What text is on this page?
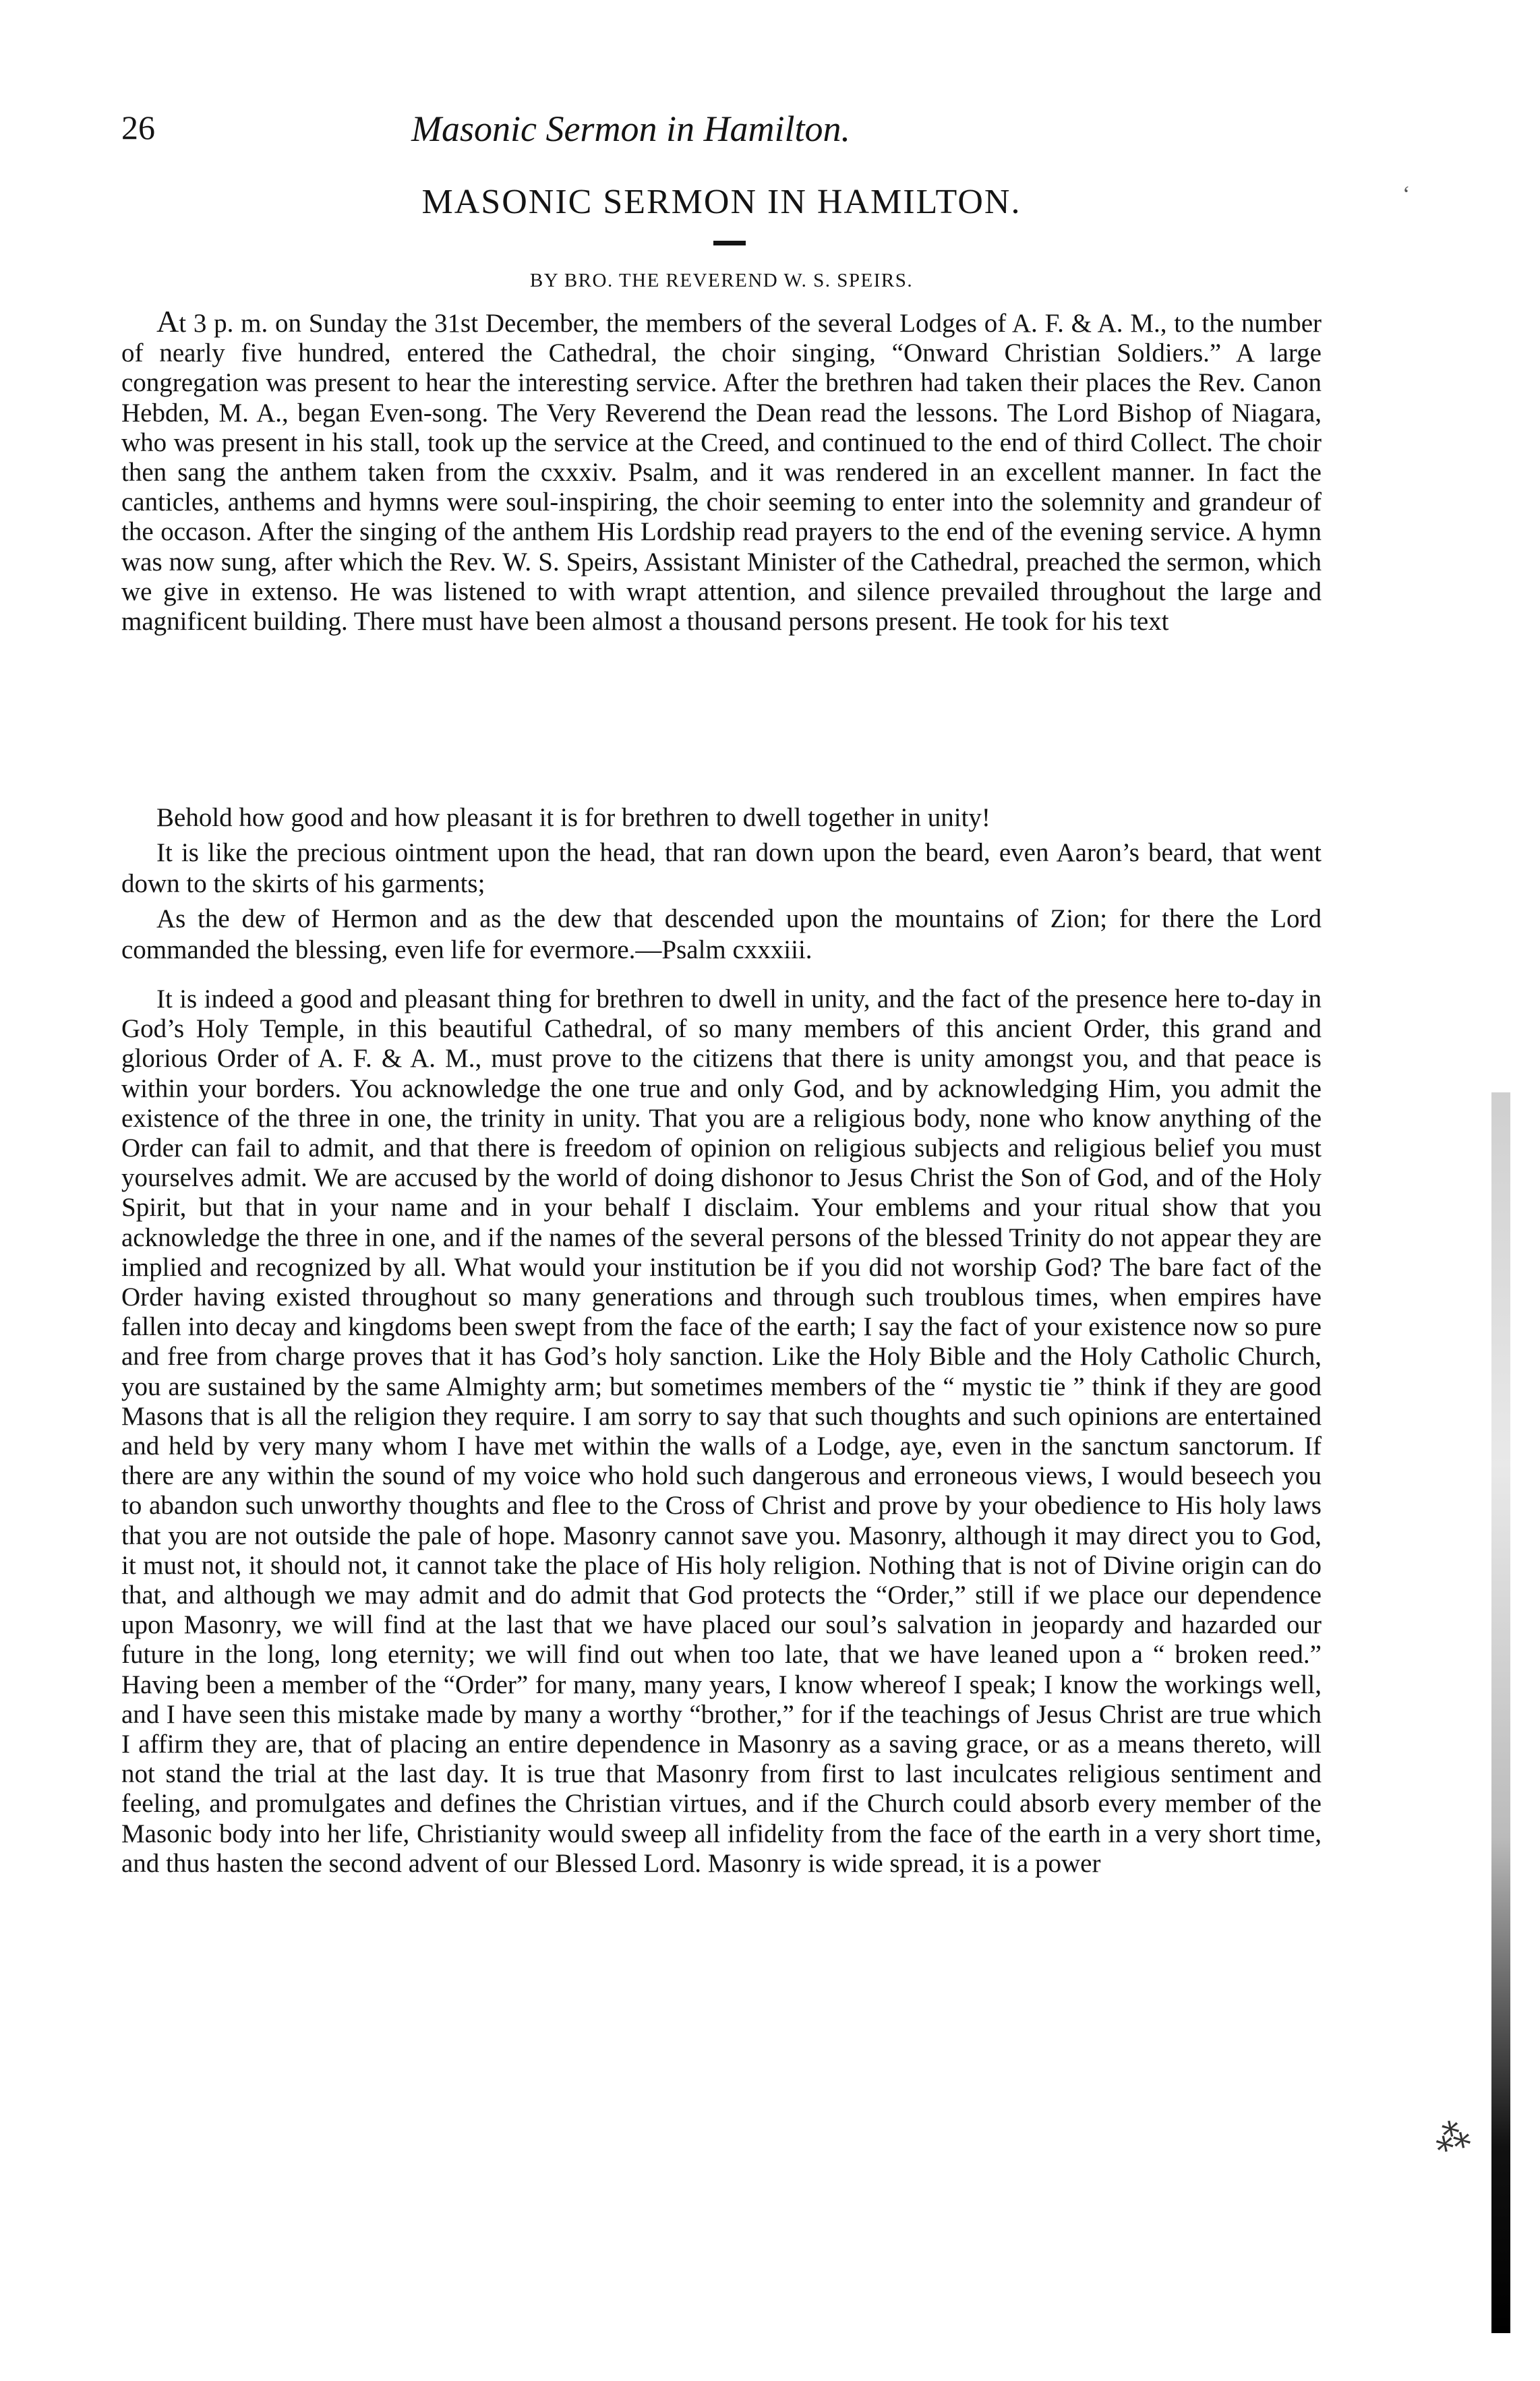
26	Masonic Sermon in Hamilton.
‘
MASONIC SERMON IN HAMILTON.
BY BRO. THE REVEREND W. S. SPEIRS.

At 3 p. m. on Sunday the 31st December, the members of the several Lodges of A. F. & A. M., to the number of nearly five hundred, entered the Cathedral, the choir singing, “Onward Christian Soldiers.” A large congregation was present to hear the interesting service. After the brethren had taken their places the Rev. Canon Hebden, M. A., began Even-song. The Very Reverend the Dean read the lessons. The Lord Bishop of Niagara, who was present in his stall, took up the service at the Creed, and continued to the end of third Collect. The choir then sang the anthem taken from the cxxxiv. Psalm, and it was rendered in an excellent manner. In fact the canticles, anthems and hymns were soul-inspiring, the choir seeming to enter into the solemnity and grandeur of the occason. After the singing of the anthem His Lordship read prayers to the end of the evening service. A hymn was now sung, after which the Rev. W. S. Speirs, Assistant Minister of the Cathedral, preached the sermon, which we give in extenso. He was listened to with wrapt attention, and silence prevailed throughout the large and magnificent building. There must have been almost a thousand persons present. He took for his text

Behold how good and how pleasant it is for brethren to dwell together in unity!

It is like the precious ointment upon the head, that ran down upon the beard, even Aaron’s beard, that went down to the skirts of his garments;

As the dew of Hermon and as the dew that descended upon the mountains of Zion; for there the Lord commanded the blessing, even life for evermore.—Psalm cxxxiii.

It is indeed a good and pleasant thing for brethren to dwell in unity, and the fact of the presence here to-day in God’s Holy Temple, in this beautiful Cathedral, of so many members of this ancient Order, this grand and glorious Order of A. F. & A. M., must prove to the citizens that there is unity amongst you, and that peace is within your borders. You acknowledge the one true and only God, and by acknowledging Him, you admit the existence of the three in one, the trinity in unity. That you are a religious body, none who know anything of the Order can fail to admit, and that there is freedom of opinion on religious subjects and religious belief you must yourselves admit. We are accused by the world of doing dishonor to Jesus Christ the Son of God, and of the Holy Spirit, but that in your name and in your behalf I disclaim. Your emblems and your ritual show that you acknowledge the three in one, and if the names of the several persons of the blessed Trinity do not appear they are implied and recognized by all. What would your institution be if you did not worship God? The bare fact of the Order having existed throughout so many generations and through such troublous times, when empires have fallen into decay and kingdoms been swept from the face of the earth; I say the fact of your existence now so pure and free from charge proves that it has God’s holy sanction. Like the Holy Bible and the Holy Catholic Church, you are sustained by the same Almighty arm; but sometimes members of the “ mystic tie ” think if they are good Masons that is all the religion they require. I am sorry to say that such thoughts and such opinions are entertained and held by very many whom I have met within the walls of a Lodge, aye, even in the sanctum sanctorum. If there are any within the sound of my voice who hold such dangerous and erroneous views, I would beseech you to abandon such unworthy thoughts and flee to the Cross of Christ and prove by your obedience to His holy laws that you are not outside the pale of hope. Masonry cannot save you. Masonry, although it may direct you to God, it must not, it should not, it cannot take the place of His holy religion. Nothing that is not of Divine origin can do that, and although we may admit and do admit that God protects the “Order,” still if we place our dependence upon Masonry, we will find at the last that we have placed our soul’s salvation in jeopardy and hazarded our future in the long, long eternity; we will find out when too late, that we have leaned upon a “ broken reed.” Having been a member of the “Order” for many, many years, I know whereof I speak; I know the workings well, and I have seen this mistake made by many a worthy “brother,” for if the teachings of Jesus Christ are true which I affirm they are, that of placing an entire dependence in Masonry as a saving grace, or as a means thereto, will not stand the trial at the last day. It is true that Masonry from first to last inculcates religious sentiment and feeling, and promulgates and defines the Christian virtues, and if the Church could absorb every member of the Masonic body into her life, Christianity would sweep all infidelity from the face of the earth in a very short time, and thus hasten the second advent of our Blessed Lord. Masonry is wide spread, it is a power

⁂
